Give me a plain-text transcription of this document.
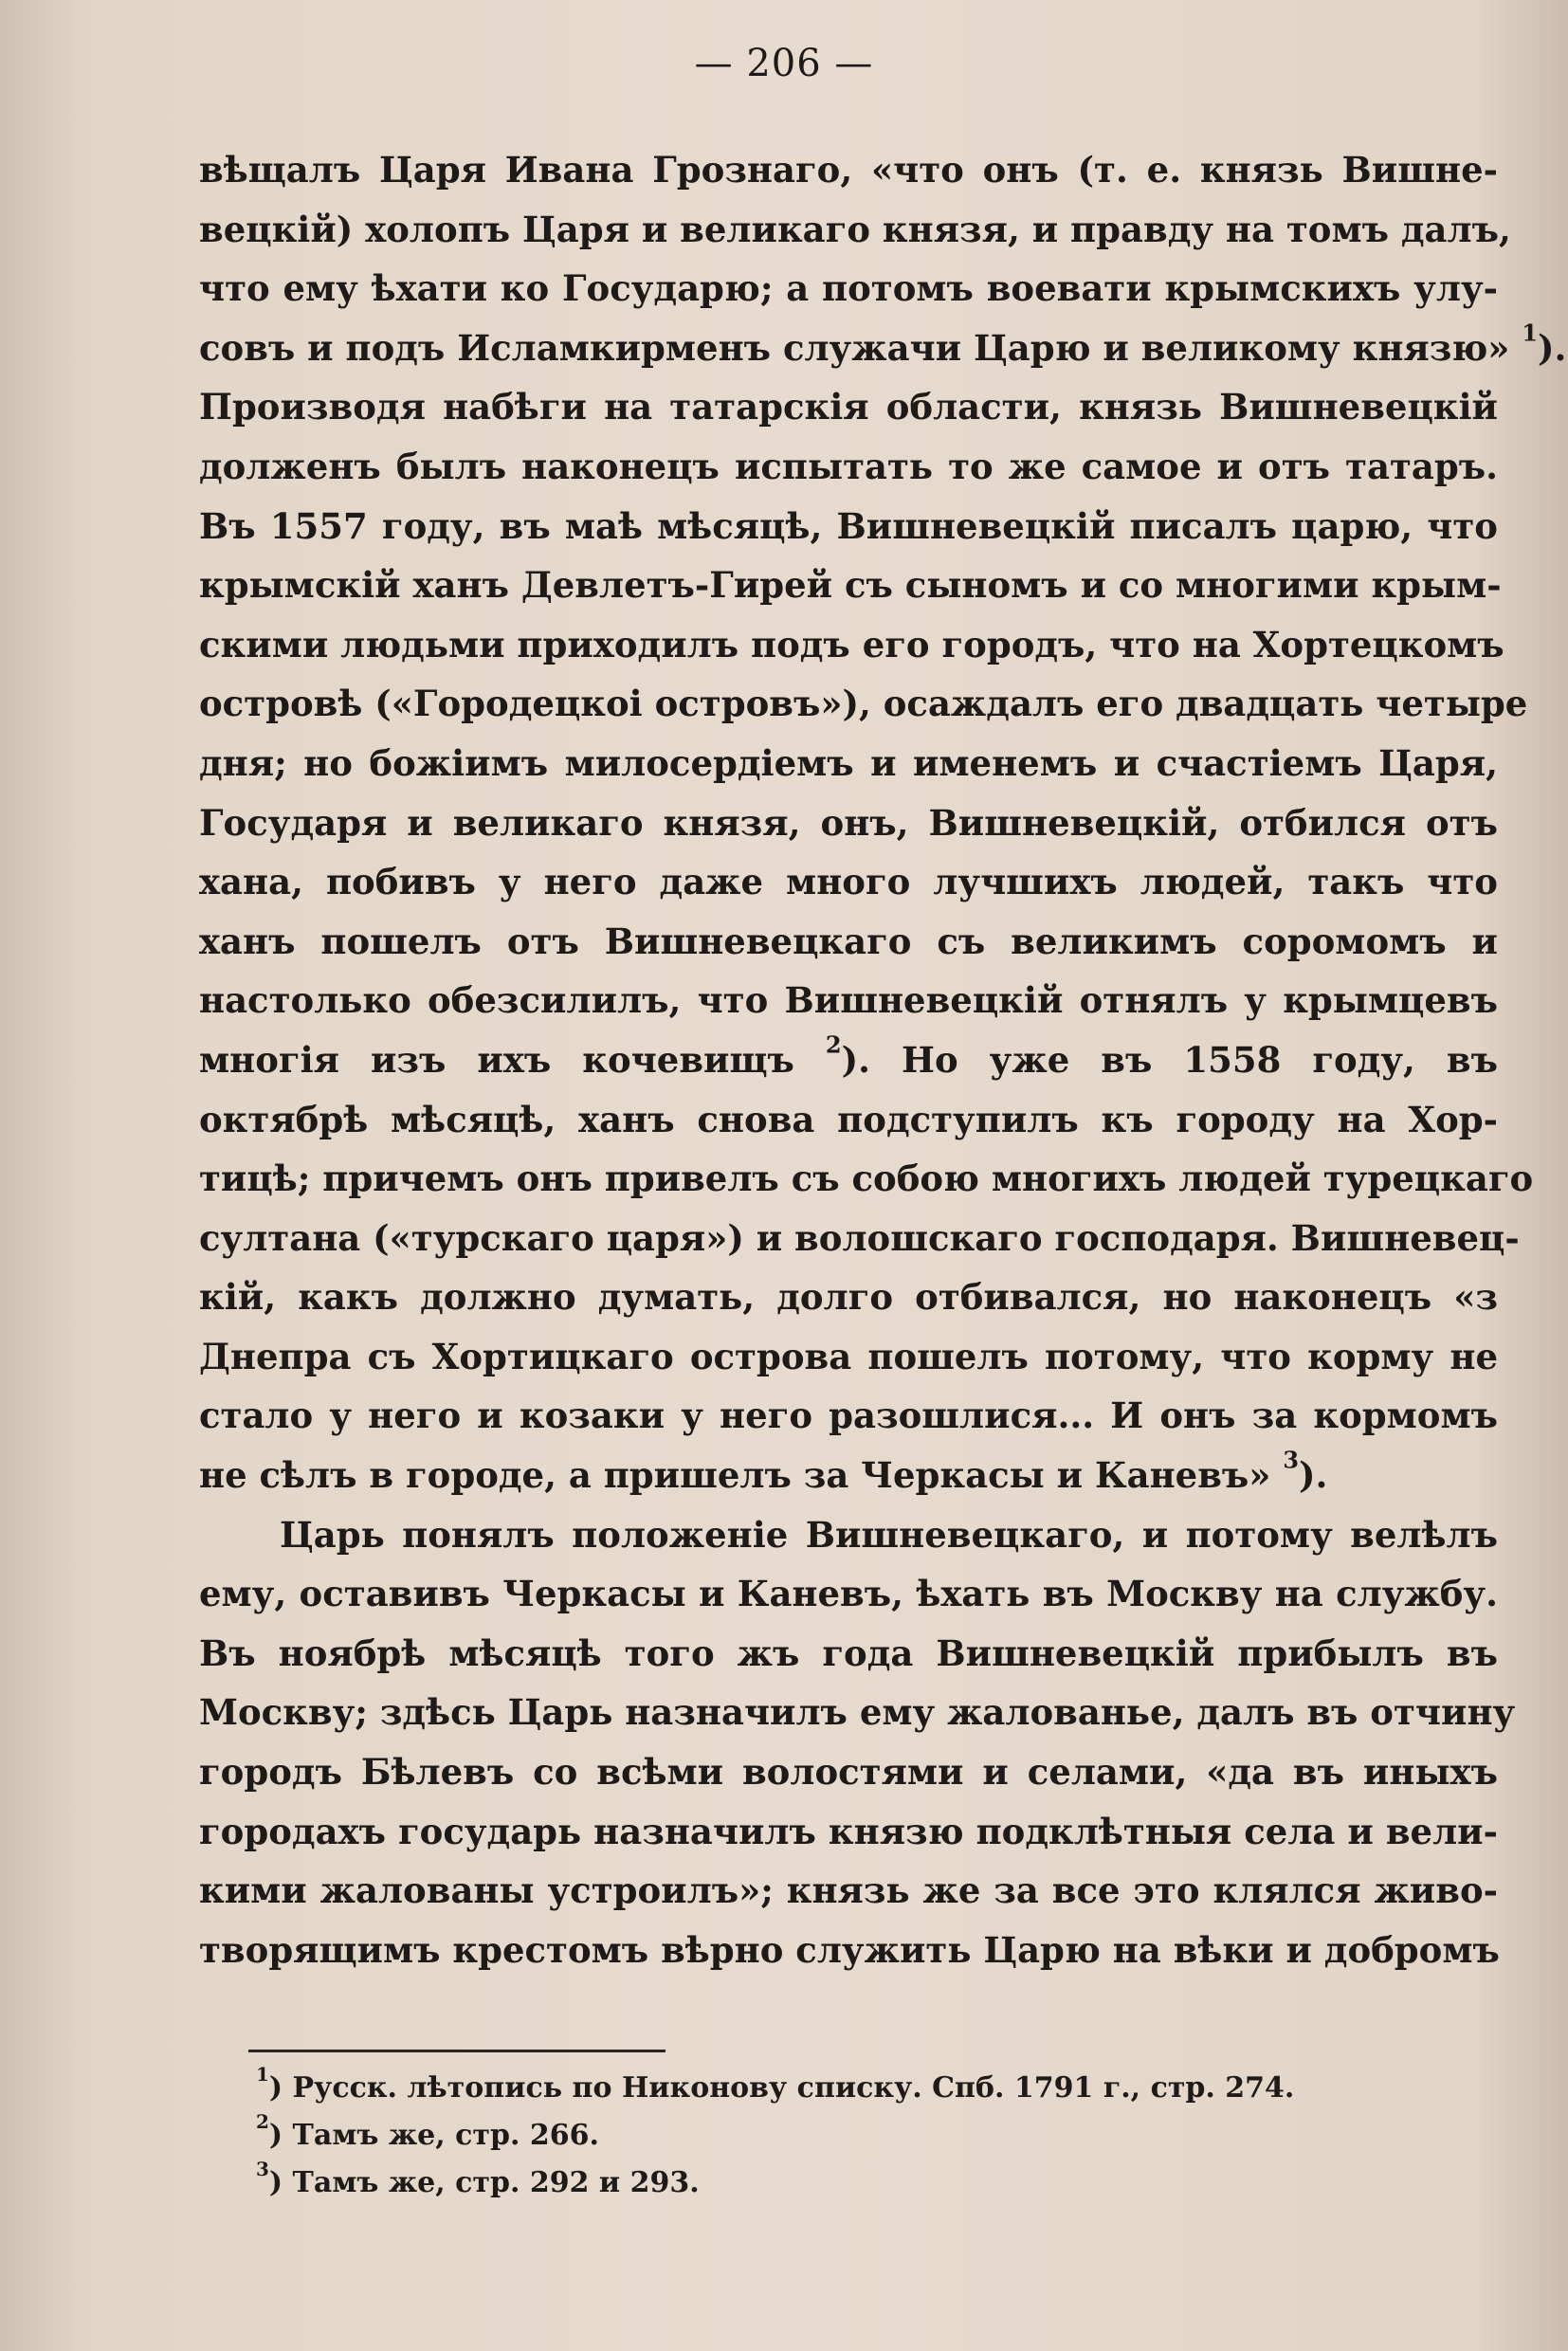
— 206 —
вѣщалъ Царя Ивана Грознаго, «что онъ (т. е. князь Вишне-
вецкій) холопъ Царя и великаго князя, и правду на томъ далъ,
что ему ѣхати ко Государю; а потомъ воевати крымскихъ улу-
совъ и подъ Исламкирменъ служачи Царю и великому князю» $^1$).
Производя набѣги на татарскія области, князь Вишневецкій
долженъ былъ наконецъ испытать то же самое и отъ татаръ.
Въ 1557 году, въ маѣ мѣсяцѣ, Вишневецкій писалъ царю, что
крымскій ханъ Девлетъ-Гирей съ сыномъ и со многими крым-
скими людьми приходилъ подъ его городъ, что на Хортецкомъ
островѣ («Городецкоі островъ»), осаждалъ его двадцать четыре
дня; но божіимъ милосердіемъ и именемъ и счастіемъ Царя,
Государя и великаго князя, онъ, Вишневецкій, отбился отъ
хана, побивъ у него даже много лучшихъ людей, такъ что
ханъ пошелъ отъ Вишневецкаго съ великимъ соромомъ и
настолько обезсилилъ, что Вишневецкій отнялъ у крымцевъ
многія изъ ихъ кочевищъ $^2$). Но уже въ 1558 году, въ
октябрѣ мѣсяцѣ, ханъ снова подступилъ къ городу на Хор-
тицѣ; причемъ онъ привелъ съ собою многихъ людей турецкаго
султана («турскаго царя») и волошскаго господаря. Вишневец-
кій, какъ должно думать, долго отбивался, но наконецъ «з
Днепра съ Хортицкаго острова пошелъ потому, что корму не
стало у него и козаки у него разошлися... И онъ за кормомъ
не сѣлъ в городе, а пришелъ за Черкасы и Каневъ» $^3$).
Царь понялъ положеніе Вишневецкаго, и потому велѣлъ
ему, оставивъ Черкасы и Каневъ, ѣхать въ Москву на службу.
Въ ноябрѣ мѣсяцѣ того жъ года Вишневецкій прибылъ въ
Москву; здѣсь Царь назначилъ ему жалованье, далъ въ отчину
городъ Бѣлевъ со всѣми волостями и селами, «да въ иныхъ
городахъ государь назначилъ князю подклѣтныя села и вели-
кими жалованы устроилъ»; князь же за все это клялся живо-
творящимъ крестомъ вѣрно служить Царю на вѣки и добромъ
$^1$) Русск. лѣтопись по Никонову списку. Спб. 1791 г., стр. 274.
$^2$) Тамъ же, стр. 266.
$^3$) Тамъ же, стр. 292 и 293.
